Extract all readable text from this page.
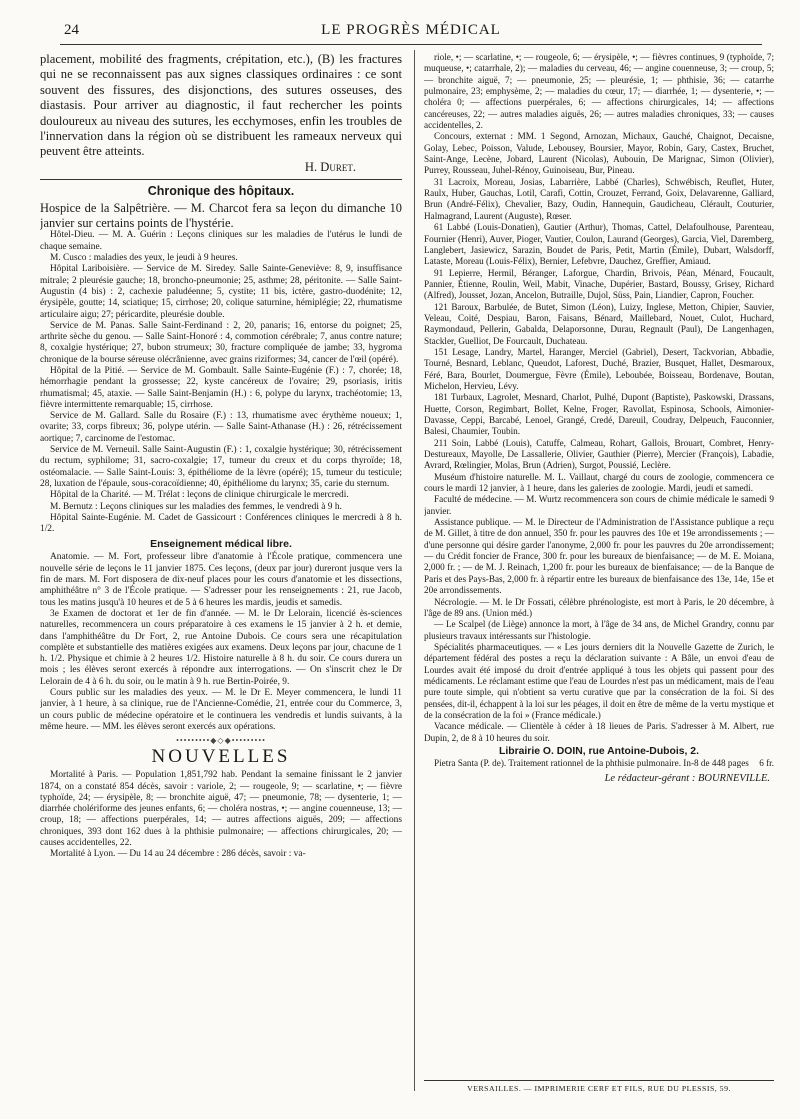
24	LE PROGRÈS MÉDICAL

placement, mobilité des fragments, crépitation, etc.), (B) les fractures qui ne se reconnaissent pas aux signes classiques ordinaires : ce sont souvent des fissures, des disjonctions, des sutures osseuses, des diastasis. Pour arriver au diagnostic, il faut rechercher les points douloureux au niveau des sutures, les ecchymoses, enfin les troubles de l'innervation dans la région où se distribuent les rameaux nerveux qui peuvent être atteints.

H. Duret.

Chronique des hôpitaux.

Hospice de la Salpêtrière. — M. Charcot fera sa leçon du dimanche 10 janvier sur certains points de l'hystérie.

Hôtel-Dieu. — M. A. Guérin : Leçons cliniques sur les maladies de l'utérus le lundi de chaque semaine.

M. Cusco : maladies des yeux, le jeudi à 9 heures.

Hôpital Lariboisière. — Service de M. Siredey. Salle Sainte-Geneviève: 8, 9, insuffisance mitrale; 2 pleurésie gauche; 18, broncho-pneumonie; 25, asthme; 28, péritonite. — Salle Saint-Augustin (4 bis) : 2, cachexie paludéenne; 5, cystite; 11 bis, ictère, gastro-duodénite; 12, érysipèle, goutte; 14, sciatique; 15, cirrhose; 20, colique saturnine, hémiplégie; 22, rhumatisme articulaire aigu; 27; péricardite, pleurésie double.

Service de M. Panas. Salle Saint-Ferdinand : 2, 20, panaris; 16, entorse du poignet; 25, arthrite sèche du genou. — Salle Saint-Honoré : 4, commotion cérébrale; 7, anus contre nature; 8, coxalgie hystérique; 27, bubon strumeux; 30, fracture compliquée de jambe; 33, hygroma chronique de la bourse séreuse olécrânienne, avec grains riziformes; 34, cancer de l'œil (opéré).

Hôpital de la Pitié. — Service de M. Gombault. Salle Sainte-Eugénie (F.) : 7, chorée; 18, hémorrhagie pendant la grossesse; 22, kyste cancéreux de l'ovaire; 29, psoriasis, iritis rhumatismal; 45, ataxie. — Salle Saint-Benjamin (H.) : 6, polype du larynx, trachéotomie; 13, fièvre intermittente remarquable; 15, cirrhose.

Service de M. Gallard. Salle du Rosaire (F.) : 13, rhumatisme avec érythème noueux; 1, ovarite; 33, corps fibreux; 36, polype utérin. — Salle Saint-Athanase (H.) : 26, rétrécissement aortique; 7, carcinome de l'estomac.

Service de M. Verneuil. Salle Saint-Augustin (F.) : 1, coxalgie hystérique; 30, rétrécissement du rectum, syphilome; 31, sacro-coxalgie; 17, tumeur du creux et du corps thyroïde; 18, ostéomalacie. — Salle Saint-Louis: 3, épithéliome de la lèvre (opéré); 15, tumeur du testicule; 28, luxation de l'épaule, sous-coracoïdienne; 40, épithéliome du larynx; 35, carie du sternum.

Hôpital de la Charité. — M. Trélat : leçons de clinique chirurgicale le mercredi.

M. Bernutz : Leçons cliniques sur les maladies des femmes, le vendredi à 9 h.

Hôpital Sainte-Eugénie. M. Cadet de Gassicourt : Conférences cliniques le mercredi à 8 h. 1/2.

Enseignement médical libre.

Anatomie. — M. Fort, professeur libre d'anatomie à l'École pratique, commencera une nouvelle série de leçons le 11 janvier 1875. Ces leçons, (deux par jour) dureront jusque vers la fin de mars. M. Fort disposera de dix-neuf places pour les cours d'anatomie et les dissections, amphithéâtre n° 3 de l'École pratique. — S'adresser pour les renseignements : 21, rue Jacob, tous les matins jusqu'à 10 heures et de 5 à 6 heures les mardis, jeudis et samedis.

3e Examen de doctorat et 1er de fin d'année. — M. le Dr Lelorain, licencié ès-sciences naturelles, recommencera un cours préparatoire à ces examens le 15 janvier à 2 h. et demie, dans l'amphithéâtre du Dr Fort, 2, rue Antoine Dubois. Ce cours sera une récapitulation complète et substantielle des matières exigées aux examens. Deux leçons par jour, chacune de 1 h. 1/2. Physique et chimie à 2 heures 1/2. Histoire naturelle à 8 h. du soir. Ce cours durera un mois ; les élèves seront exercés à répondre aux interrogations. — On s'inscrit chez le Dr Lelorain de 4 à 6 h. du soir, ou le matin à 9 h. rue Bertin-Poirée, 9.

Cours public sur les maladies des yeux. — M. le Dr E. Meyer commencera, le lundi 11 janvier, à 1 heure, à sa clinique, rue de l'Ancienne-Comédie, 21, entrée cour du Commerce, 3, un cours public de médecine opératoire et le continuera les vendredis et lundis suivants, à la même heure. — MM. les élèves seront exercés aux opérations.

•••••••••◆◇◆•••••••••
NOUVELLES

Mortalité à Paris. — Population 1,851,792 hab. Pendant la semaine finissant le 2 janvier 1874, on a constaté 854 décès, savoir : variole, 2; — rougeole, 9; — scarlatine, •; — fièvre typhoïde, 24; — érysipèle, 8; — bronchite aiguë, 47; — pneumonie, 78; — dysenterie, 1; — diarrhée cholériforme des jeunes enfants, 6; — choléra nostras, •; — angine couenneuse, 13; — croup, 18; — affections puerpérales, 14; — autres affections aiguës, 209; — affections chroniques, 393 dont 162 dues à la phthisie pulmonaire; — affections chirurgicales, 20; — causes accidentelles, 22.

Mortalité à Lyon. — Du 14 au 24 décembre : 286 décès, savoir : va-

riole, •; — scarlatine, •; — rougeole, 6; — érysipèle, •; — fièvres continues, 9 (typhoïde, 7; muqueuse, •; catarrhale, 2); — maladies du cerveau, 46; — angine couenneuse, 3; — croup, 5; — bronchite aiguë, 7; — pneumonie, 25; — pleurésie, 1; — phthisie, 36; — catarrhe pulmonaire, 23; emphysème, 2; — maladies du cœur, 17; — diarrhée, 1; — dysenterie, •; — choléra 0; — affections puerpérales, 6; — affections chirurgicales, 14; — affections cancéreuses, 22; — autres maladies aiguës, 26; — autres maladies chroniques, 33; — causes accidentelles, 2.

Concours, externat : MM. 1 Segond, Arnozan, Michaux, Gauché, Chaignot, Decaisne, Golay, Lebec, Poisson, Valude, Lebousey, Boursier, Mayor, Robin, Gary, Castex, Bruchet, Saint-Ange, Lecène, Jobard, Laurent (Nicolas), Aubouin, De Marignac, Simon (Olivier), Purrey, Rousseau, Juhel-Rénoy, Guinoiseau, Bur, Pineau.

31 Lacroix, Moreau, Josias, Labarrière, Labbé (Charles), Schwébisch, Reuflet, Huter, Raulx, Huber, Gauchas, Lotil, Carafi, Cottin, Crouzet, Ferrand, Goix, Delavarenne, Galliard, Brun (André-Félix), Chevalier, Bazy, Oudin, Hannequin, Gaudicheau, Clérault, Couturier, Halmagrand, Laurent (Auguste), Rœser.

61 Labbé (Louis-Donatien), Gautier (Arthur), Thomas, Cattel, Delafoulhouse, Parenteau, Fournier (Henri), Auver, Pioger, Vautier, Coulon, Laurand (Georges), Garcia, Viel, Daremberg, Langlebert, Jasiewicz, Sarazin, Boudet de Paris, Petit, Martin (Émile), Dubart, Walsdorff, Lataste, Moreau (Louis-Félix), Bernier, Lefebvre, Dauchez, Greffier, Amiaud.

91 Lepierre, Hermil, Béranger, Laforgue, Chardin, Brivois, Péan, Ménard, Foucault, Pannier, Étienne, Roulin, Weil, Mabit, Vinache, Dupérier, Bastard, Boussy, Grisey, Richard (Alfred), Jousset, Jozan, Ancelon, Butraille, Dujol, Süss, Pain, Liandier, Capron, Foucher.

121 Baroux, Barbulée, de Butet, Simon (Léon), Luizy, Inglese, Metton, Chipier, Sauvier, Veleau, Coité, Despiau, Baron, Faisans, Bénard, Maillebard, Nouet, Culot, Huchard, Raymondaud, Pellerin, Gabalda, Delaporsonne, Durau, Regnault (Paul), De Langenhagen, Stackler, Guelliot, De Fourcault, Duchateau.

151 Lesage, Landry, Martel, Haranger, Merciel (Gabriel), Desert, Tackvorian, Abbadie, Tourné, Besnard, Leblanc, Queudot, Laforest, Duché, Brazier, Busquet, Hallet, Desmaroux, Féré, Bara, Bourlet, Doumergue, Fèvre (Émile), Leboubée, Boisseau, Bordenave, Boutan, Michelon, Hervieu, Lévy.

181 Turbaux, Lagrolet, Mesnard, Charlot, Pulhé, Dupont (Baptiste), Paskowski, Drassans, Huette, Corson, Regimbart, Bollet, Kelne, Froger, Ravollat, Espinosa, Schools, Aimonier-Davasse, Ceppi, Barcabé, Lenoel, Grangé, Credé, Dareuil, Coudray, Delpeuch, Fauconnier, Balesi, Chaumier, Toubin.

211 Soin, Labbé (Louis), Catuffe, Calmeau, Rohart, Gallois, Brouart, Combret, Henry-Destureaux, Mayolle, De Lassallerie, Olivier, Gauthier (Pierre), Mercier (François), Labadie, Avrard, Rœlingier, Molas, Brun (Adrien), Surgot, Poussié, Leclère.

Muséum d'histoire naturelle. M. L. Vaillaut, chargé du cours de zoologie, commencera ce cours le mardi 12 janvier, à 1 heure, dans les galeries de zoologie. Mardi, jeudi et samedi.

Faculté de médecine. — M. Wurtz recommencera son cours de chimie médicale le samedi 9 janvier.

Assistance publique. — M. le Directeur de l'Administration de l'Assistance publique a reçu de M. Gillet, à titre de don annuel, 350 fr. pour les pauvres des 10e et 19e arrondissements ; — d'une personne qui désire garder l'anonyme, 2,000 fr. pour les pauvres du 20e arrondissement; — du Crédit foncier de France, 300 fr. pour les bureaux de bienfaisance; — de M. E. Moiana, 2,000 fr. ; — de M. J. Reinach, 1,200 fr. pour les bureaux de bienfaisance; — de la Banque de Paris et des Pays-Bas, 2,000 fr. à répartir entre les bureaux de bienfaisance des 13e, 14e, 15e et 20e arrondissements.

Nécrologie. — M. le Dr Fossati, célèbre phrénologiste, est mort à Paris, le 20 décembre, à l'âge de 89 ans. (Union méd.)

— Le Scalpel (de Liège) annonce la mort, à l'âge de 34 ans, de Michel Grandry, connu par plusieurs travaux intéressants sur l'histologie.

Spécialités pharmaceutiques. — « Les jours derniers dit la Nouvelle Gazette de Zurich, le département fédéral des postes a reçu la déclaration suivante : A Bâle, un envoi d'eau de Lourdes avait été imposé du droit d'entrée appliqué à tous les objets qui passent pour des médicaments. Le réclamant estime que l'eau de Lourdes n'est pas un médicament, mais de l'eau pure toute simple, qui n'obtient sa vertu curative que par la consécration de la foi. Si des pensées, dit-il, échappent à la loi sur les péages, il doit en être de même de la vertu mystique et de la consécration de la foi » (France médicale.)

Vacance médicale. — Clientèle à céder à 18 lieues de Paris. S'adresser à M. Albert, rue Dupin, 2, de 8 à 10 heures du soir.

Librairie O. DOIN, rue Antoine-Dubois, 2.
Pietra Santa (P. de). Traitement rationnel de la phthisie pulmonaire. In-8 de 448 pages	6 fr.
Le rédacteur-gérant : BOURNEVILLE.
VERSAILLES. — IMPRIMERIE CERF ET FILS, RUE DU PLESSIS, 59.
